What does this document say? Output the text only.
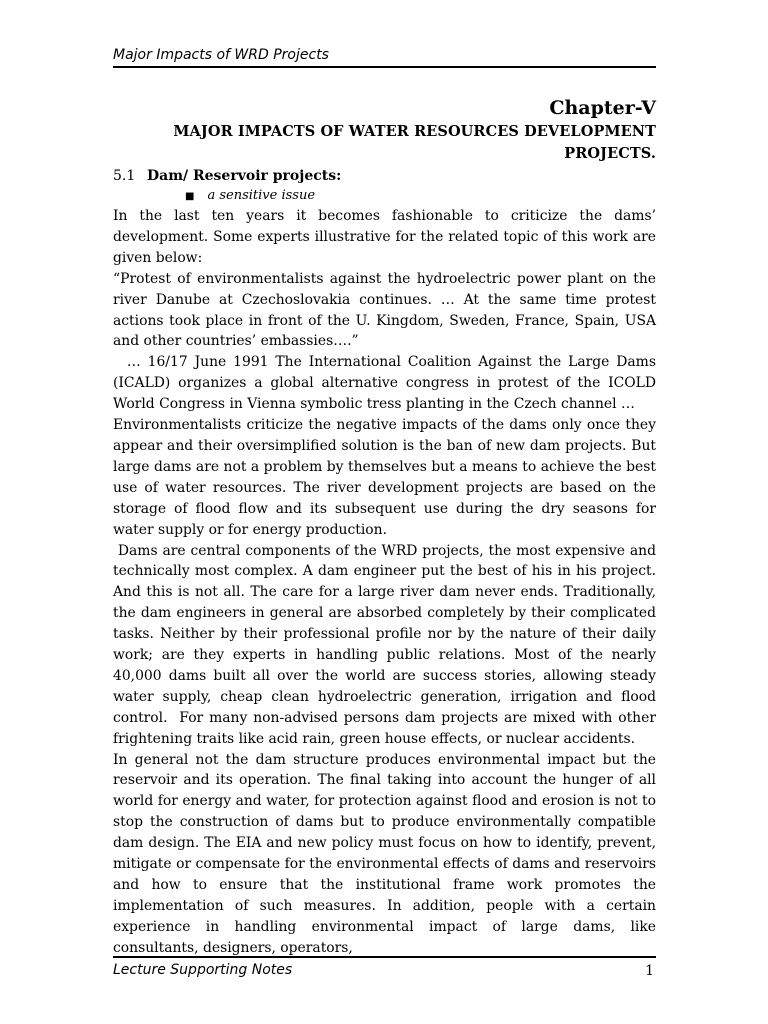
Major Impacts of WRD Projects
Chapter-V
MAJOR IMPACTS OF WATER RESOURCES DEVELOPMENT PROJECTS.
5.1 Dam/ Reservoir projects:
■ a sensitive issue

In the last ten years it becomes fashionable to criticize the dams’ development. Some experts illustrative for the related topic of this work are given below:

“Protest of environmentalists against the hydroelectric power plant on the river Danube at Czechoslovakia continues. … At the same time protest actions took place in front of the U. Kingdom, Sweden, France, Spain, USA and other countries’ embassies….”

… 16/17 June 1991 The International Coalition Against the Large Dams (ICALD) organizes a global alternative congress in protest of the ICOLD World Congress in Vienna symbolic tress planting in the Czech channel …

Environmentalists criticize the negative impacts of the dams only once they appear and their oversimplified solution is the ban of new dam projects. But large dams are not a problem by themselves but a means to achieve the best use of water resources. The river development projects are based on the storage of flood flow and its subsequent use during the dry seasons for water supply or for energy production.

Dams are central components of the WRD projects, the most expensive and technically most complex. A dam engineer put the best of his in his project. And this is not all. The care for a large river dam never ends. Traditionally, the dam engineers in general are absorbed completely by their complicated tasks. Neither by their professional profile nor by the nature of their daily work; are they experts in handling public relations. Most of the nearly 40,000 dams built all over the world are success stories, allowing steady water supply, cheap clean hydroelectric generation, irrigation and flood control.  For many non-advised persons dam projects are mixed with other frightening traits like acid rain, green house effects, or nuclear accidents.

In general not the dam structure produces environmental impact but the reservoir and its operation. The final taking into account the hunger of all world for energy and water, for protection against flood and erosion is not to stop the construction of dams but to produce environmentally compatible dam design. The EIA and new policy must focus on how to identify, prevent, mitigate or compensate for the environmental effects of dams and reservoirs and how to ensure that the institutional frame work promotes the implementation of such measures. In addition, people with a certain experience in handling environmental impact of large dams, like consultants, designers, operators,

Lecture Supporting Notes	1
